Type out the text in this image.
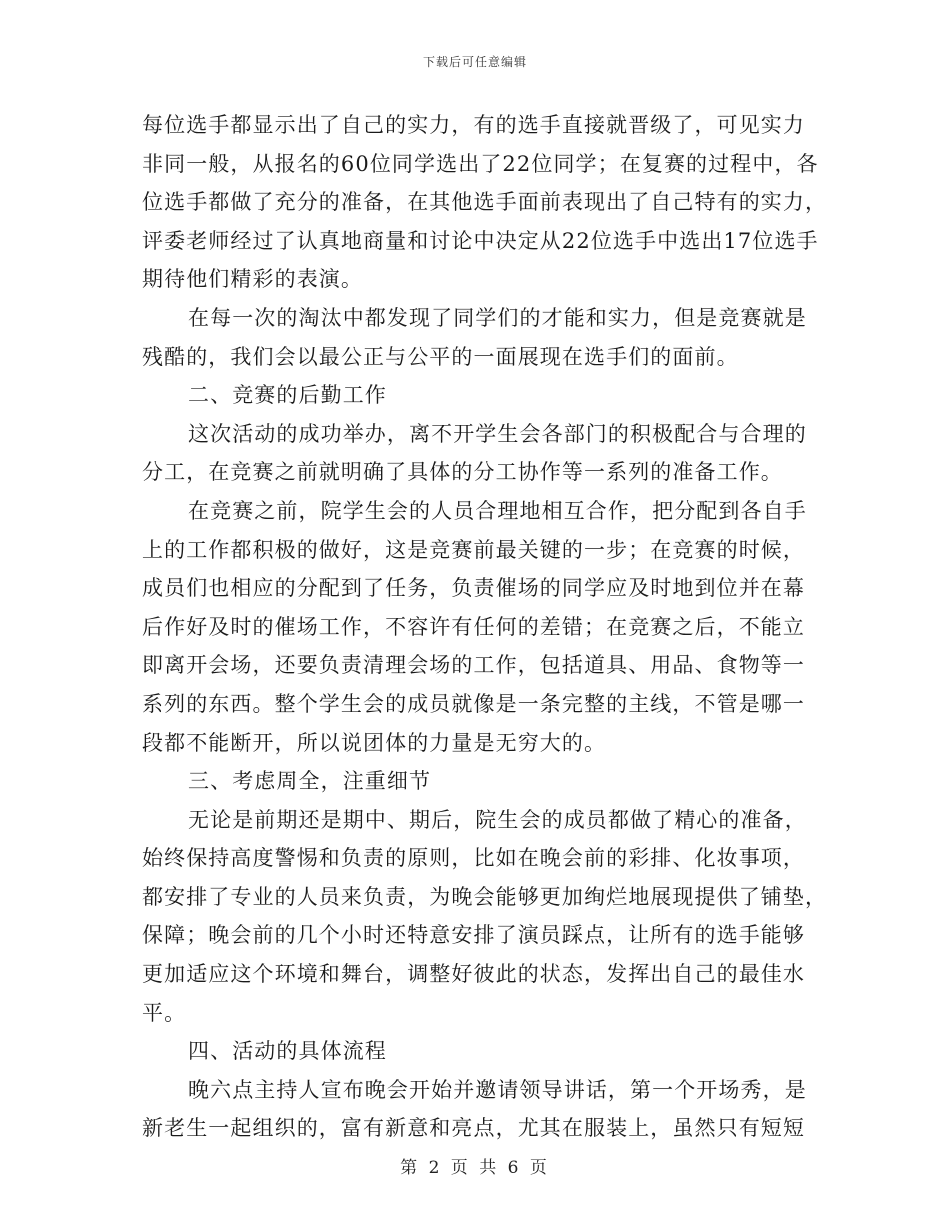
下载后可任意编辑
每位选手都显示出了自己的实力，有的选手直接就晋级了，可见实力
非同一般，从报名的60位同学选出了22位同学；在复赛的过程中，各
位选手都做了充分的准备，在其他选手面前表现出了自己特有的实力，
评委老师经过了认真地商量和讨论中决定从22位选手中选出17位选手
期待他们精彩的表演。
在每一次的淘汰中都发现了同学们的才能和实力，但是竞赛就是
残酷的，我们会以最公正与公平的一面展现在选手们的面前。
二、竞赛的后勤工作
这次活动的成功举办，离不开学生会各部门的积极配合与合理的
分工，在竞赛之前就明确了具体的分工协作等一系列的准备工作。
在竞赛之前，院学生会的人员合理地相互合作，把分配到各自手
上的工作都积极的做好，这是竞赛前最关键的一步；在竞赛的时候，
成员们也相应的分配到了任务，负责催场的同学应及时地到位并在幕
后作好及时的催场工作，不容许有任何的差错；在竞赛之后，不能立
即离开会场，还要负责清理会场的工作，包括道具、用品、食物等一
系列的东西。整个学生会的成员就像是一条完整的主线，不管是哪一
段都不能断开，所以说团体的力量是无穷大的。
三、考虑周全，注重细节
无论是前期还是期中、期后，院生会的成员都做了精心的准备，
始终保持高度警惕和负责的原则，比如在晚会前的彩排、化妆事项，
都安排了专业的人员来负责，为晚会能够更加绚烂地展现提供了铺垫，
保障；晚会前的几个小时还特意安排了演员踩点，让所有的选手能够
更加适应这个环境和舞台，调整好彼此的状态，发挥出自己的最佳水
平。
四、活动的具体流程
晚六点主持人宣布晚会开始并邀请领导讲话，第一个开场秀，是
新老生一起组织的，富有新意和亮点，尤其在服装上，虽然只有短短
第 2 页 共 6 页
